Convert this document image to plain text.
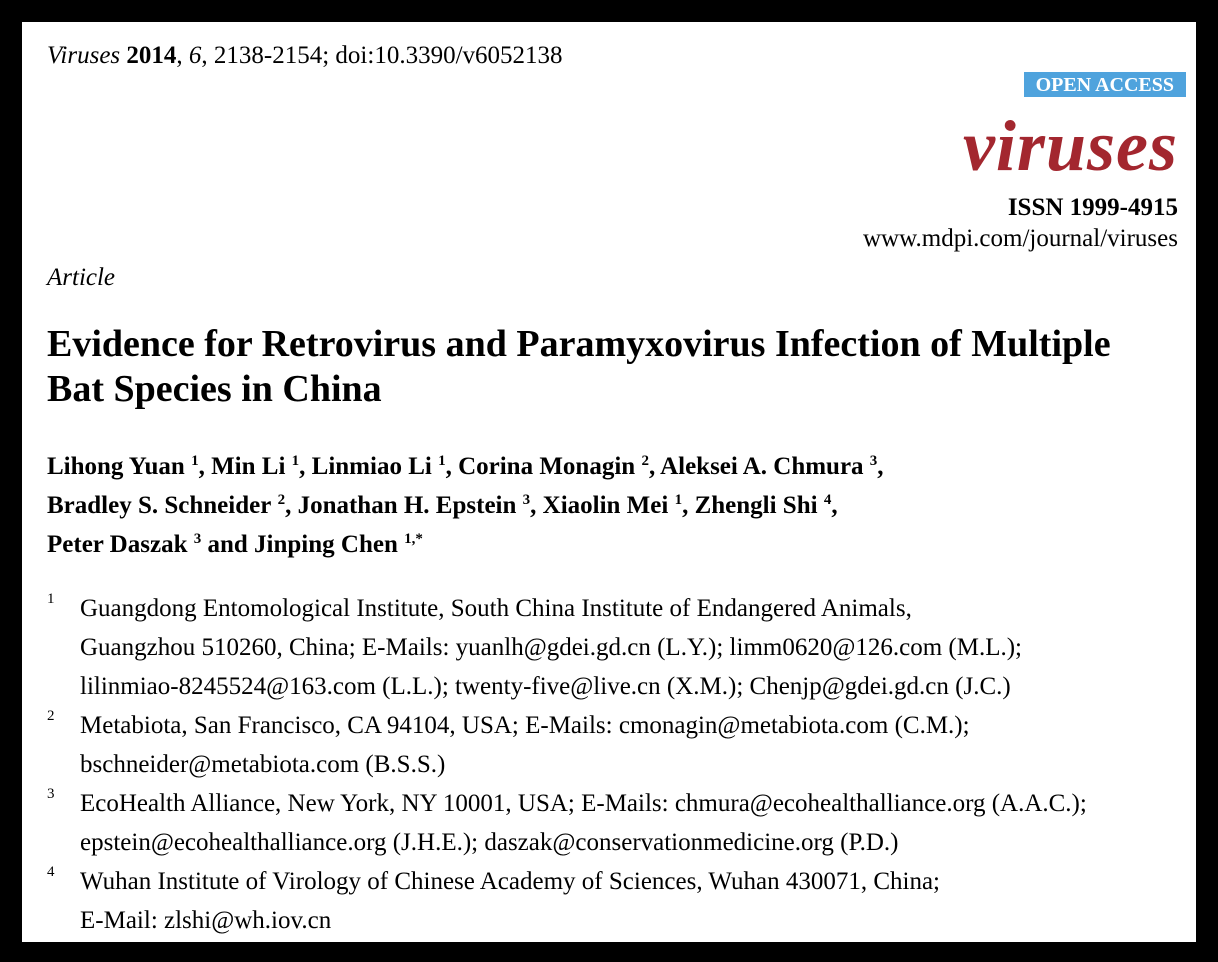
Viruses 2014, 6, 2138-2154; doi:10.3390/v6052138
OPEN ACCESS
viruses
ISSN 1999-4915
www.mdpi.com/journal/viruses
Article
Evidence for Retrovirus and Paramyxovirus Infection of Multiple Bat Species in China
Lihong Yuan $^1$, Min Li $^1$, Linmiao Li $^1$, Corina Monagin $^2$, Aleksei A. Chmura $^3$,
Bradley S. Schneider $^2$, Jonathan H. Epstein $^3$, Xiaolin Mei $^1$, Zhengli Shi $^4$,
Peter Daszak $^3$ and Jinping Chen $^{1,*}$
1 Guangdong Entomological Institute, South China Institute of Endangered Animals,
Guangzhou 510260, China; E-Mails: yuanlh@gdei.gd.cn (L.Y.); limm0620@126.com (M.L.);
lilinmiao-8245524@163.com (L.L.); twenty-five@live.cn (X.M.); Chenjp@gdei.gd.cn (J.C.)
2 Metabiota, San Francisco, CA 94104, USA; E-Mails: cmonagin@metabiota.com (C.M.);
bschneider@metabiota.com (B.S.S.)
3 EcoHealth Alliance, New York, NY 10001, USA; E-Mails: chmura@ecohealthalliance.org (A.A.C.);
epstein@ecohealthalliance.org (J.H.E.); daszak@conservationmedicine.org (P.D.)
4 Wuhan Institute of Virology of Chinese Academy of Sciences, Wuhan 430071, China;
E-Mail: zlshi@wh.iov.cn
